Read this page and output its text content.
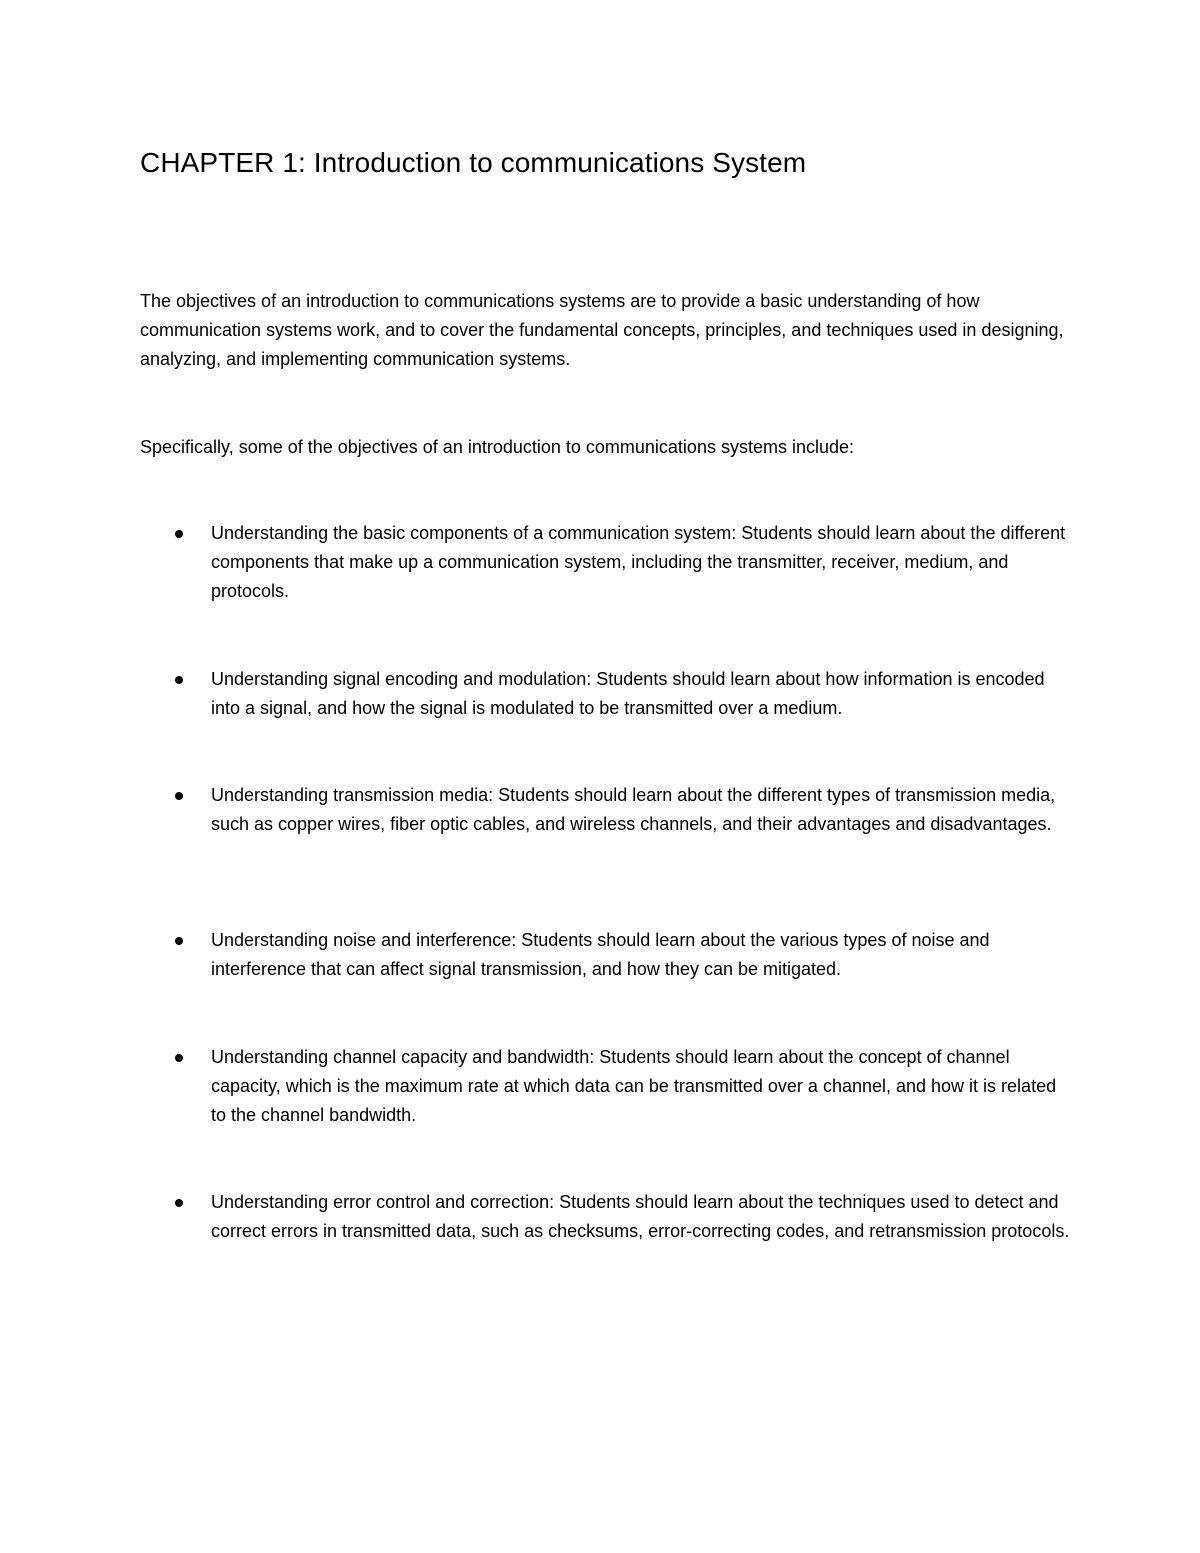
CHAPTER 1: Introduction to communications System

The objectives of an introduction to communications systems are to provide a basic understanding of how communication systems work, and to cover the fundamental concepts, principles, and techniques used in designing, analyzing, and implementing communication systems.

Specifically, some of the objectives of an introduction to communications systems include:

Understanding the basic components of a communication system: Students should learn about the different components that make up a communication system, including the transmitter, receiver, medium, and protocols.

Understanding signal encoding and modulation: Students should learn about how information is encoded into a signal, and how the signal is modulated to be transmitted over a medium.

Understanding transmission media: Students should learn about the different types of transmission media, such as copper wires, fiber optic cables, and wireless channels, and their advantages and disadvantages.

Understanding noise and interference: Students should learn about the various types of noise and interference that can affect signal transmission, and how they can be mitigated.

Understanding channel capacity and bandwidth: Students should learn about the concept of channel capacity, which is the maximum rate at which data can be transmitted over a channel, and how it is related to the channel bandwidth.

Understanding error control and correction: Students should learn about the techniques used to detect and correct errors in transmitted data, such as checksums, error-correcting codes, and retransmission protocols.
